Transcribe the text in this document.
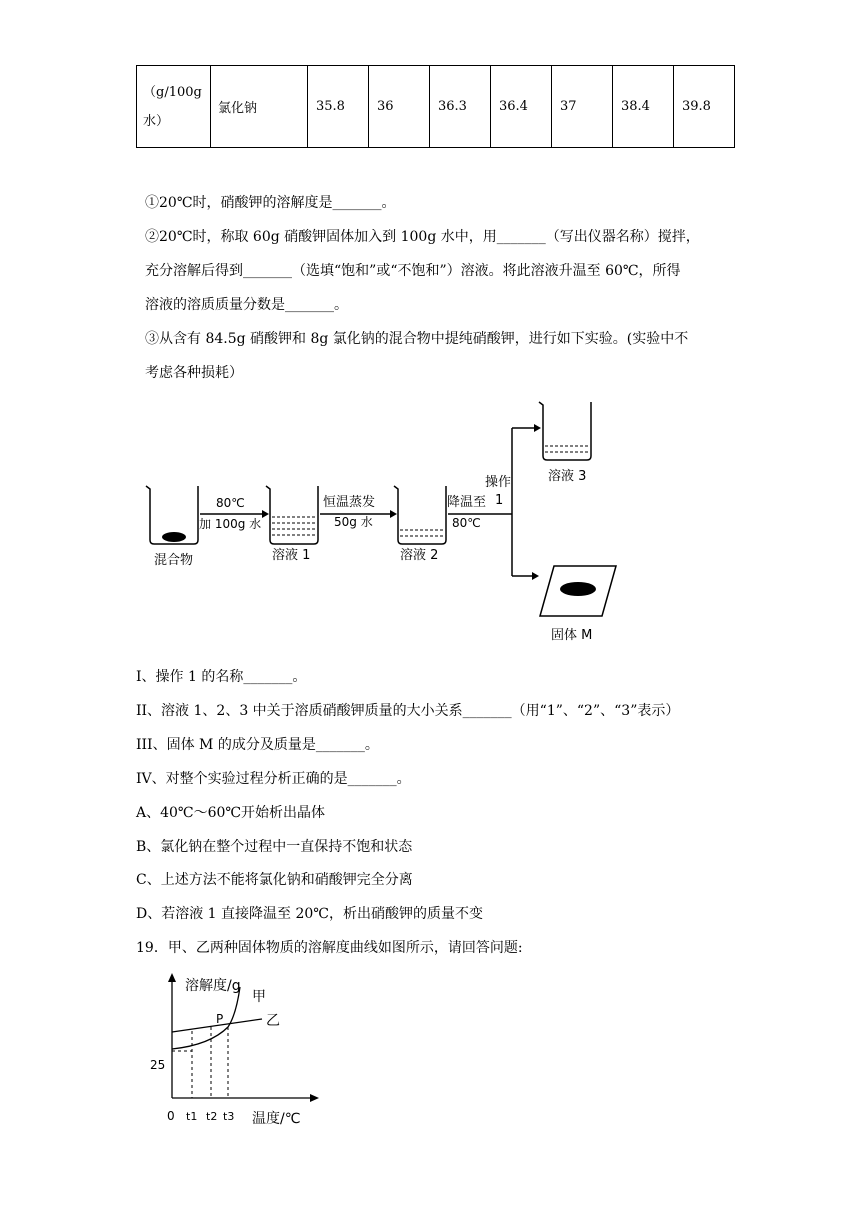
（g/100g
水）	氯化钠	35.8	36	36.3	36.4	37	38.4	39.8
①20℃时，硝酸钾的溶解度是_______。
②20℃时，称取 60g 硝酸钾固体加入到 100g 水中，用_______（写出仪器名称）搅拌，
充分溶解后得到_______（选填“饱和”或“不饱和”）溶液。将此溶液升温至 60℃，所得
溶液的溶质质量分数是_______。
③从含有 84.5g 硝酸钾和 8g 氯化钠的混合物中提纯硝酸钾，进行如下实验。(实验中不
考虑各种损耗）
混合物
80℃
加 100g 水
溶液 1
恒温蒸发
50g 水
溶液 2
降温至
80℃
操作
1
溶液 3
固体 M
I、操作 1 的名称_______。
II、溶液 1、2、3 中关于溶质硝酸钾质量的大小关系_______（用“1”、“2”、“3”表示）
III、固体 M 的成分及质量是_______。
IV、对整个实验过程分析正确的是_______。
A、40℃～60℃开始析出晶体
B、氯化钠在整个过程中一直保持不饱和状态
C、上述方法不能将氯化钠和硝酸钾完全分离
D、若溶液 1 直接降温至 20℃，析出硝酸钾的质量不变
19．甲、乙两种固体物质的溶解度曲线如图所示，请回答问题:
溶解度/g
甲
乙
P
25
0 t1 t2 t3 温度/℃
